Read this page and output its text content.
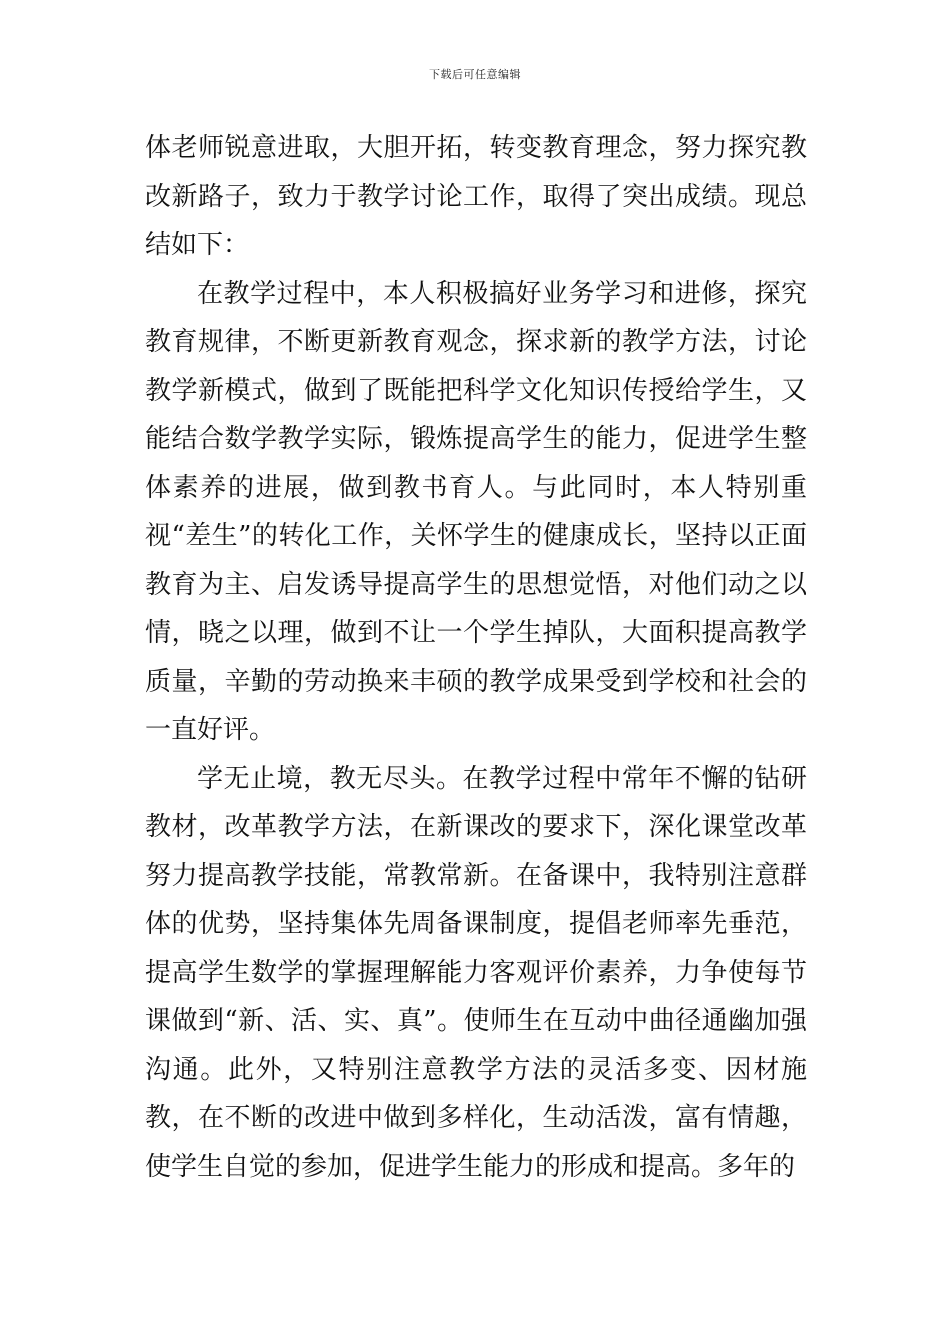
下载后可任意编辑

体老师锐意进取，大胆开拓，转变教育理念，努力探究教改新路子，致力于教学讨论工作，取得了突出成绩。现总结如下：

在教学过程中，本人积极搞好业务学习和进修，探究教育规律，不断更新教育观念，探求新的教学方法，讨论教学新模式，做到了既能把科学文化知识传授给学生，又能结合数学教学实际，锻炼提高学生的能力，促进学生整体素养的进展，做到教书育人。与此同时，本人特别重视“差生”的转化工作，关怀学生的健康成长，坚持以正面教育为主、启发诱导提高学生的思想觉悟，对他们动之以情，晓之以理，做到不让一个学生掉队，大面积提高教学质量，辛勤的劳动换来丰硕的教学成果受到学校和社会的一直好评。

学无止境，教无尽头。在教学过程中常年不懈的钻研教材，改革教学方法，在新课改的要求下，深化课堂改革努力提高教学技能，常教常新。在备课中，我特别注意群体的优势，坚持集体先周备课制度，提倡老师率先垂范，提高学生数学的掌握理解能力客观评价素养，力争使每节课做到“新、活、实、真”。使师生在互动中曲径通幽加强沟通。此外，又特别注意教学方法的灵活多变、因材施教，在不断的改进中做到多样化，生动活泼，富有情趣，使学生自觉的参加，促进学生能力的形成和提高。多年的
